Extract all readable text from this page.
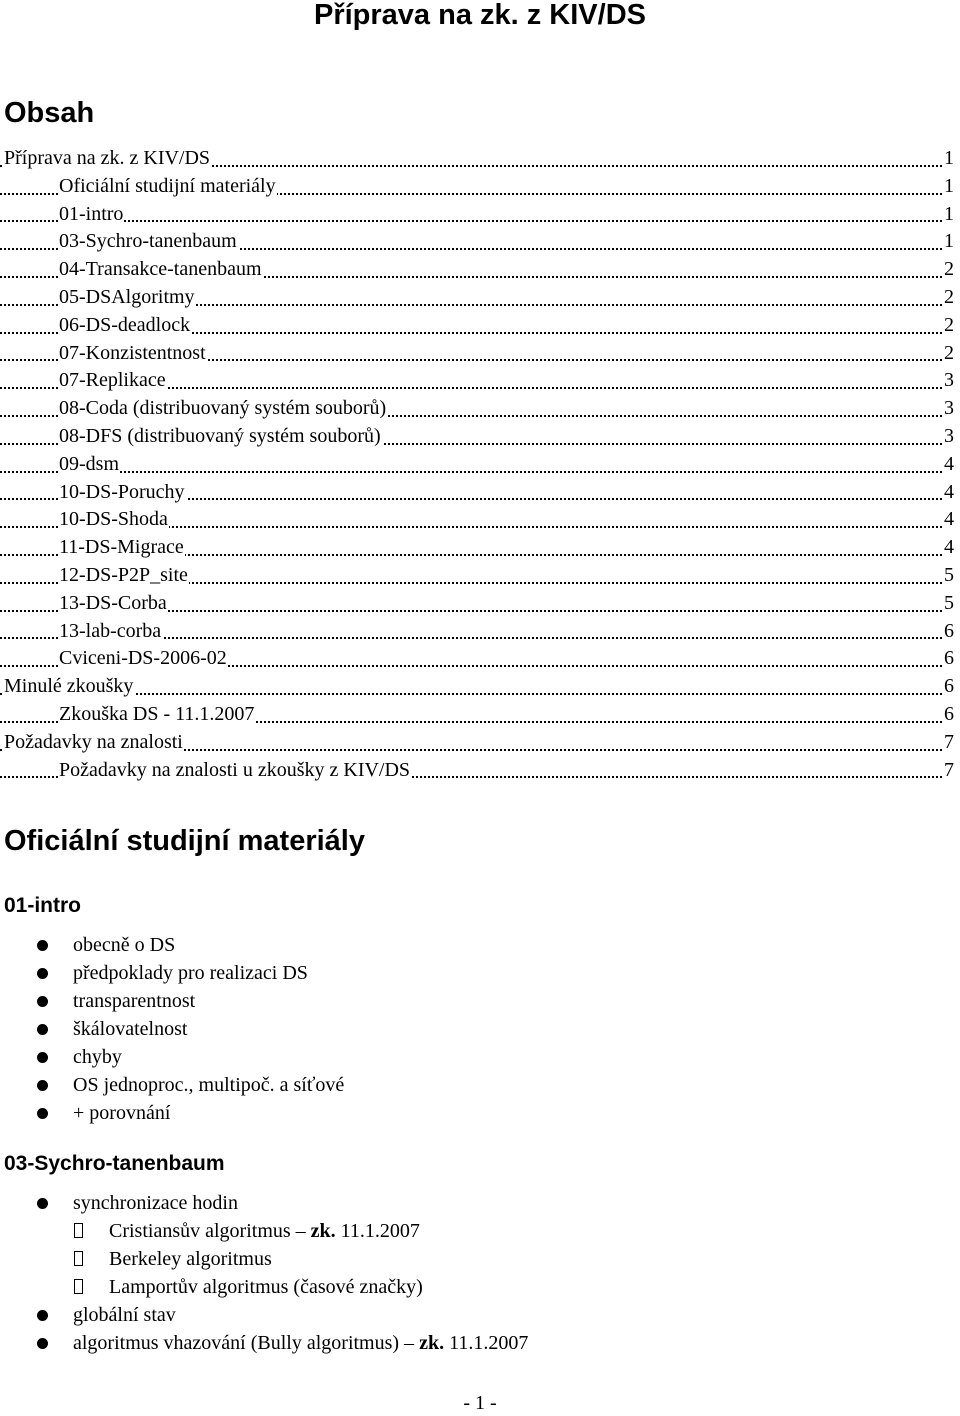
Příprava na zk. z KIV/DS
Obsah
Příprava na zk. z KIV/DS	1
Oficiální studijní materiály	1
01-intro	1
03-Sychro-tanenbaum	1
04-Transakce-tanenbaum	2
05-DSAlgoritmy	2
06-DS-deadlock	2
07-Konzistentnost	2
07-Replikace	3
08-Coda (distribuovaný systém souborů)	3
08-DFS (distribuovaný systém souborů)	3
09-dsm	4
10-DS-Poruchy	4
10-DS-Shoda	4
11-DS-Migrace	4
12-DS-P2P_site	5
13-DS-Corba	5
13-lab-corba	6
Cviceni-DS-2006-02	6
Minulé zkoušky	6
Zkouška DS - 11.1.2007	6
Požadavky na znalosti	7
Požadavky na znalosti u zkoušky z KIV/DS	7
Oficiální studijní materiály
01-intro
obecně o DS
předpoklady pro realizaci DS
transparentnost
škálovatelnost
chyby
OS jednoproc., multipoč. a síťové
+ porovnání
03-Sychro-tanenbaum
synchronizace hodin
Cristiansův algoritmus – zk. 11.1.2007
Berkeley algoritmus
Lamportův algoritmus (časové značky)
globální stav
algoritmus vhazování (Bully algoritmus) – zk. 11.1.2007
- 1 -
